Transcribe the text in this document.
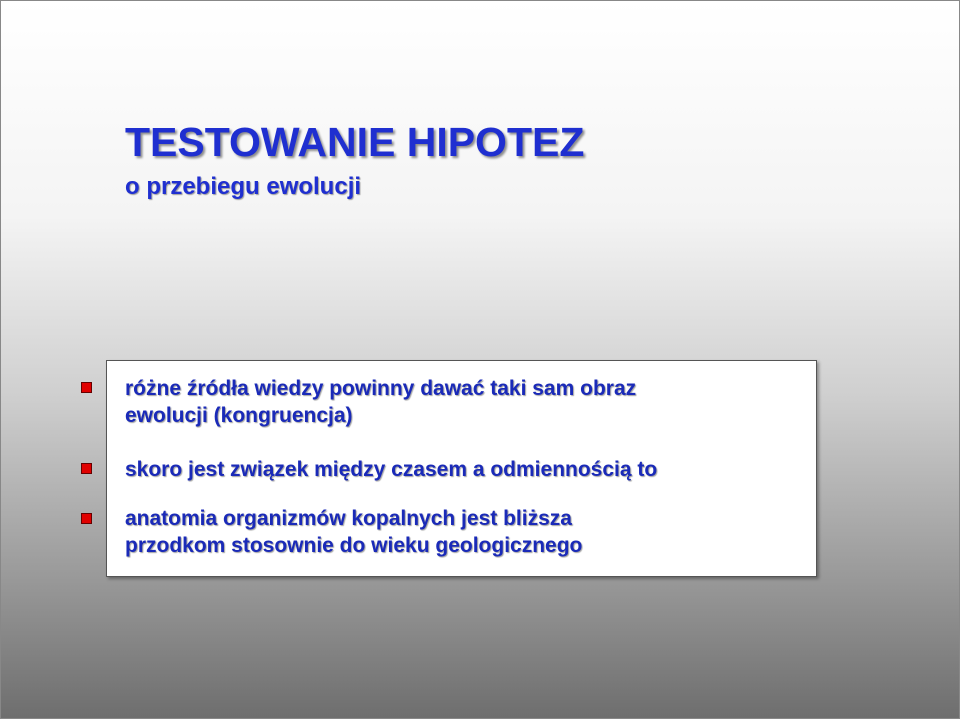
TESTOWANIE HIPOTEZ
o przebiegu ewolucji
różne źródła wiedzy powinny dawać taki sam obraz
ewolucji (kongruencja)
skoro jest związek między czasem a odmiennością to
anatomia organizmów kopalnych jest bliższa
przodkom stosownie do wieku geologicznego
